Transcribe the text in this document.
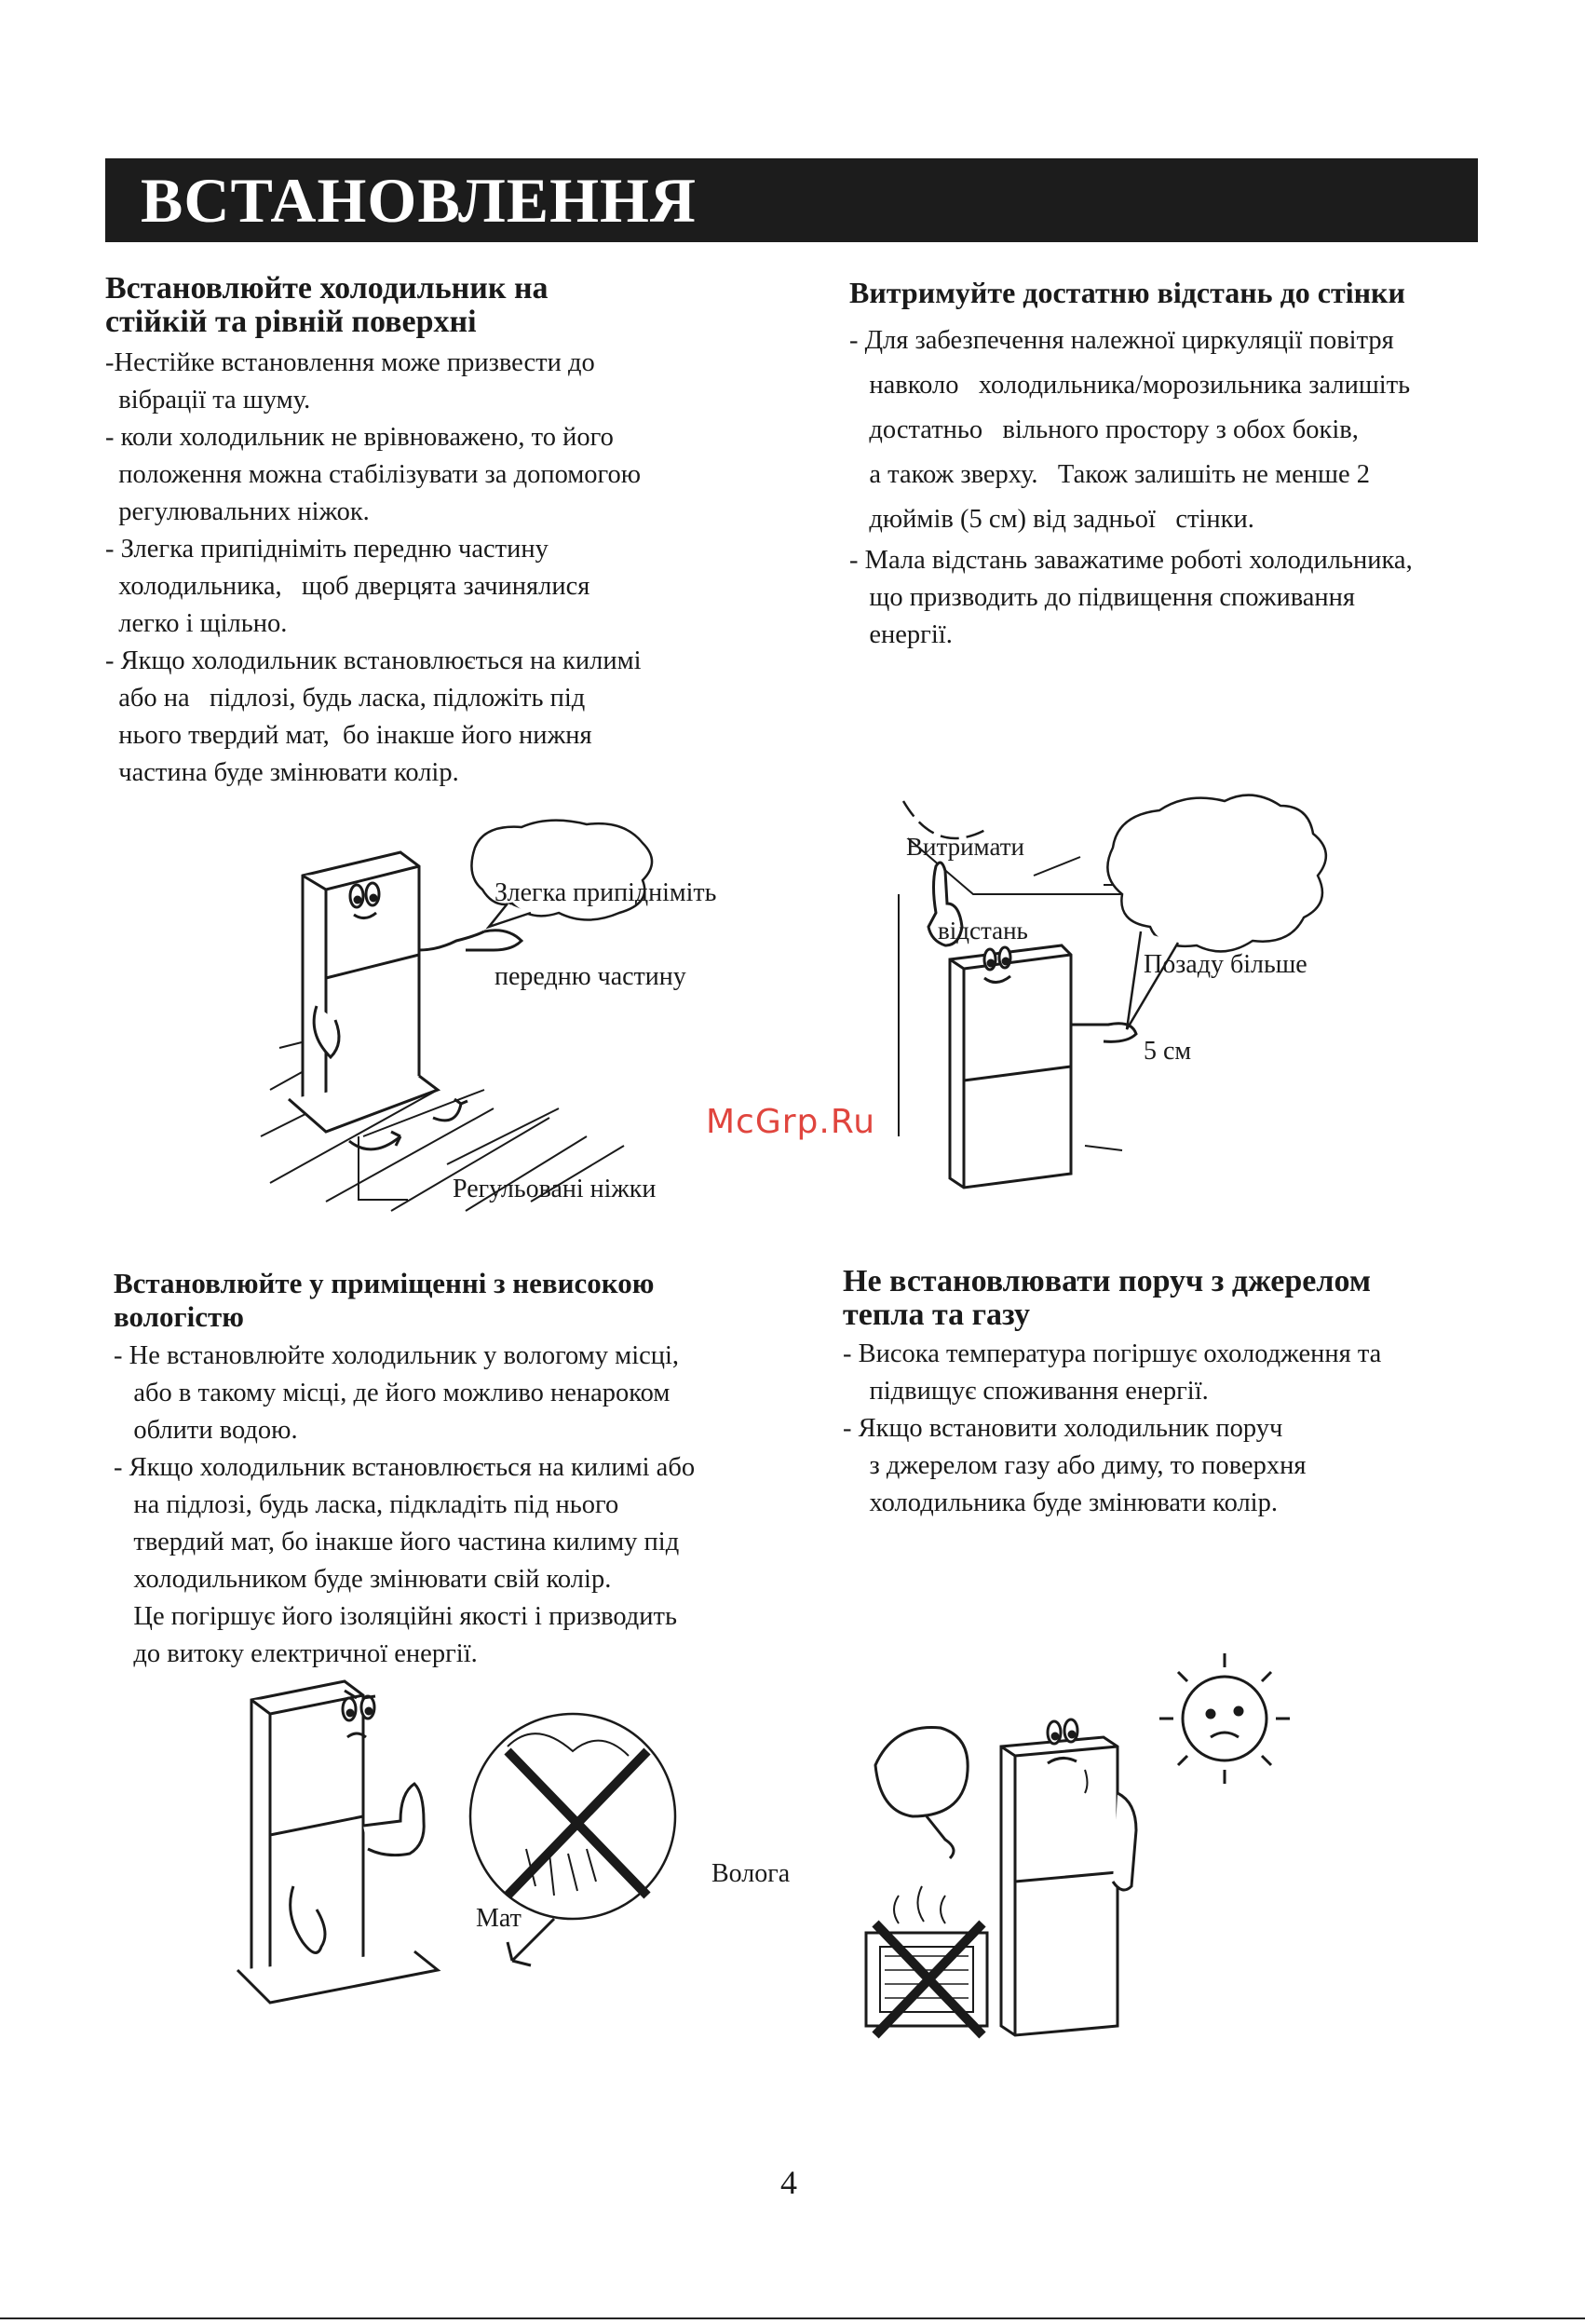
ВСТАНОВЛЕННЯ
Встановлюйте холодильник на
стійкій та рівній поверхні
-Нестійке встановлення може призвести до
вібрації та шуму.
- коли холодильник не врівноважено, то його
положення можна стабілізувати за допомогою
регулювальних ніжок.
- Злегка припідніміть передню частину
холодильника,   щоб дверцята зачинялися
легко і щільно.
- Якщо холодильник встановлюється на килимі
або на   підлозі, будь ласка, підложіть під
нього твердий мат,  бо інакше його нижня
частина буде змінювати колір.
Витримуйте достатню відстань до стінки
- Для забезпечення належної циркуляції повітря
навколо   холодильника/морозильника залишіть
достатньо   вільного простору з обох боків,
а також зверху.   Також залишіть не менше 2
дюймів (5 см) від задньої   стінки.
- Мала відстань заважатиме роботі холодильника,
що призводить до підвищення споживання
енергії.
Встановлюйте у приміщенні з невисокою
вологістю
- Не встановлюйте холодильник у вологому місці,
або в такому місці, де його можливо ненароком
облити водою.
- Якщо холодильник встановлюється на килимі або
на підлозі, будь ласка, підкладіть під нього
твердий мат, бо інакше його частина килиму під
холодильником буде змінювати свій колір.
Це погіршує його ізоляційні якості і призводить
до витоку електричної енергії.
Не встановлювати поруч з джерелом
тепла та газу
- Висока температура погіршує охолодження та
підвищує споживання енергії.
- Якщо встановити холодильник поруч
з джерелом газу або диму, то поверхня
холодильника буде змінювати колір.

Злегка припідніміть

передню частину

Регульовані ніжки

Витримати

відстань

Позаду більше

5 см

McGrp.Ru
Волога
Мат
4
